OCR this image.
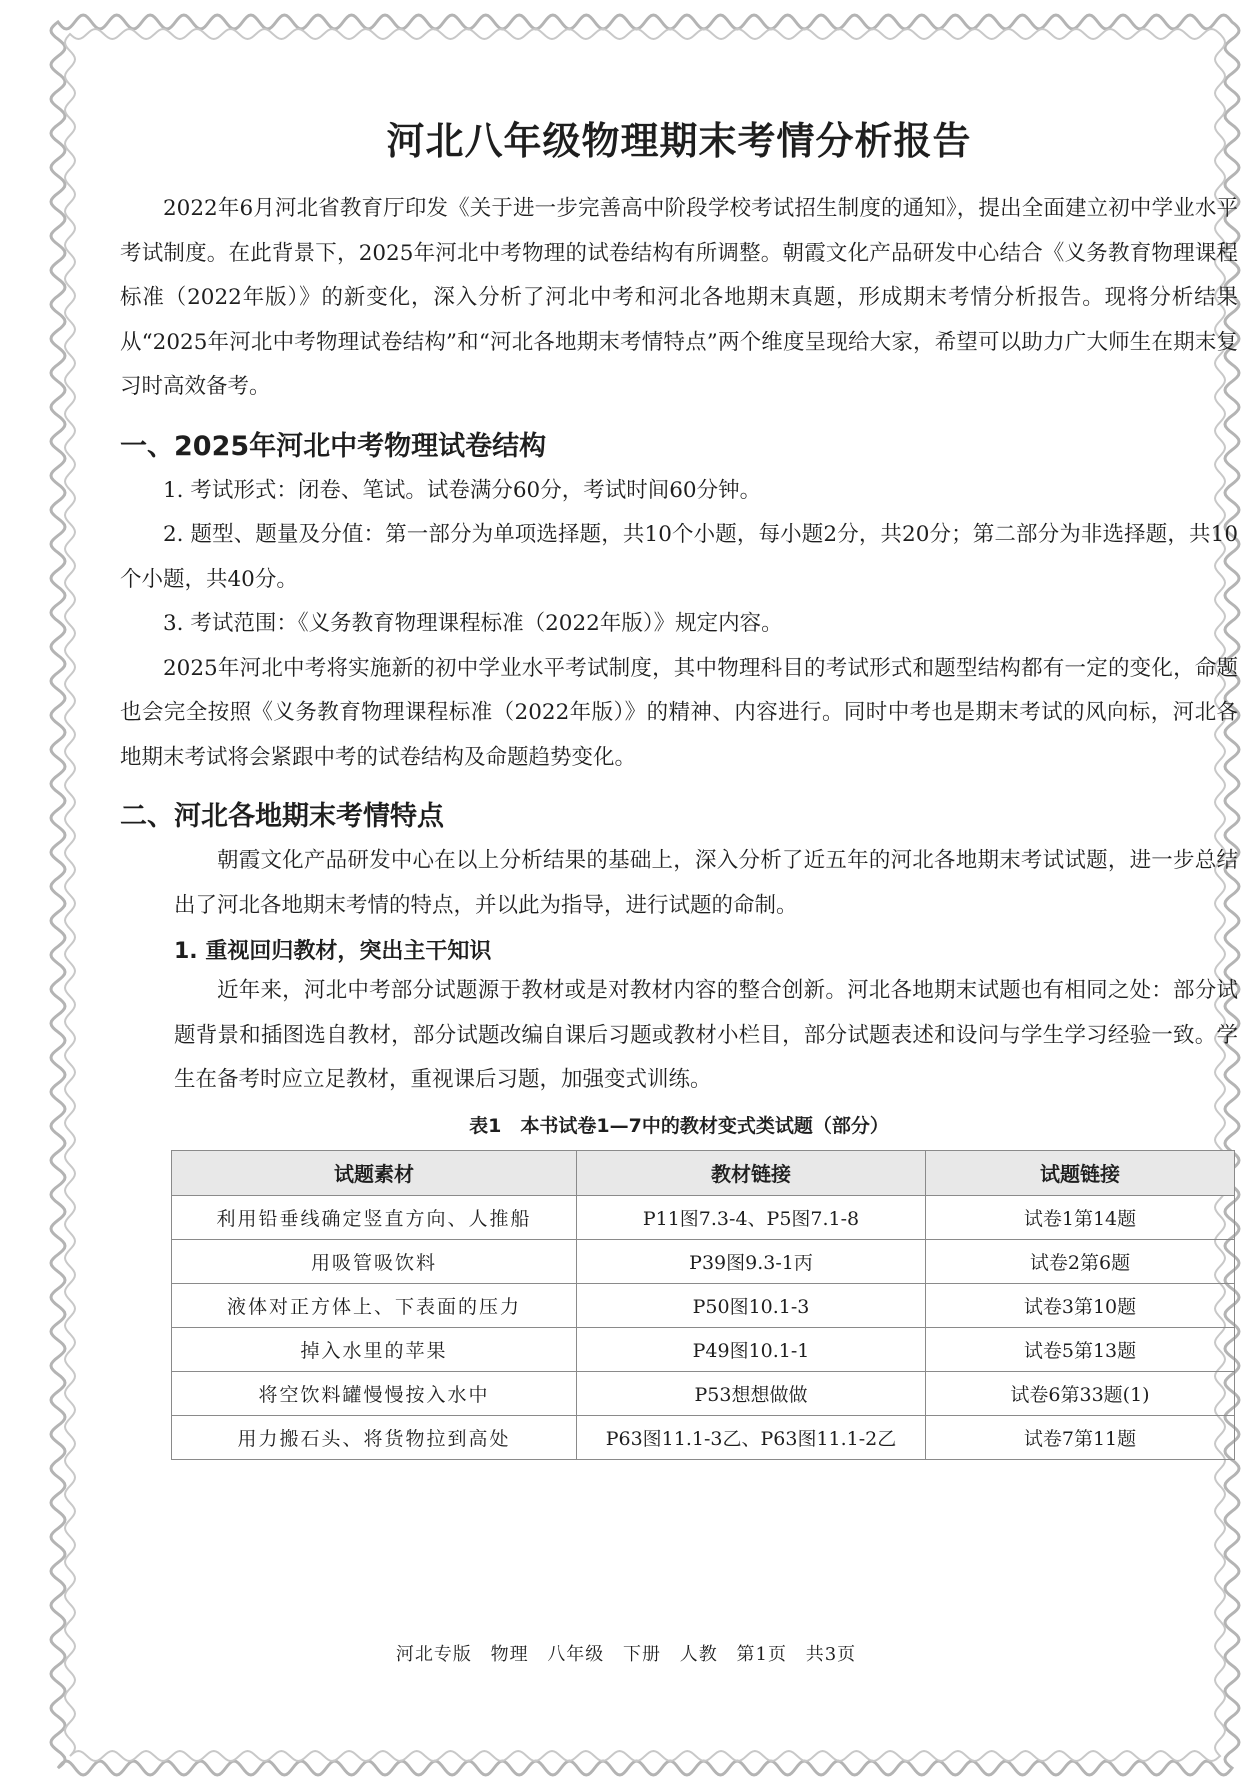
河北八年级物理期末考情分析报告

2022年6月河北省教育厅印发《关于进一步完善高中阶段学校考试招生制度的通知》，提出全面建立初中学业水平考试制度。在此背景下，2025年河北中考物理的试卷结构有所调整。朝霞文化产品研发中心结合《义务教育物理课程标准（2022年版）》的新变化，深入分析了河北中考和河北各地期末真题，形成期末考情分析报告。现将分析结果从“2025年河北中考物理试卷结构”和“河北各地期末考情特点”两个维度呈现给大家，希望可以助力广大师生在期末复习时高效备考。

一、2025年河北中考物理试卷结构

1. 考试形式：闭卷、笔试。试卷满分60分，考试时间60分钟。

2. 题型、题量及分值：第一部分为单项选择题，共10个小题，每小题2分，共20分；第二部分为非选择题，共10个小题，共40分。

3. 考试范围：《义务教育物理课程标准（2022年版）》规定内容。

2025年河北中考将实施新的初中学业水平考试制度，其中物理科目的考试形式和题型结构都有一定的变化，命题也会完全按照《义务教育物理课程标准（2022年版）》的精神、内容进行。同时中考也是期末考试的风向标，河北各地期末考试将会紧跟中考的试卷结构及命题趋势变化。

二、河北各地期末考情特点

朝霞文化产品研发中心在以上分析结果的基础上，深入分析了近五年的河北各地期末考试试题，进一步总结出了河北各地期末考情的特点，并以此为指导，进行试题的命制。

1. 重视回归教材，突出主干知识

近年来，河北中考部分试题源于教材或是对教材内容的整合创新。河北各地期末试题也有相同之处：部分试题背景和插图选自教材，部分试题改编自课后习题或教材小栏目，部分试题表述和设问与学生学习经验一致。学生在备考时应立足教材，重视课后习题，加强变式训练。

表1　本书试卷1—7中的教材变式类试题（部分）
试题素材	教材链接	试题链接
利用铅垂线确定竖直方向、人推船	P11图7.3-4、P5图7.1-8	试卷1第14题
用吸管吸饮料	P39图9.3-1丙	试卷2第6题
液体对正方体上、下表面的压力	P50图10.1-3	试卷3第10题
掉入水里的苹果	P49图10.1-1	试卷5第13题
将空饮料罐慢慢按入水中	P53想想做做	试卷6第33题(1)
用力搬石头、将货物拉到高处	P63图11.1-3乙、P63图11.1-2乙	试卷7第11题
河北专版 物理 八年级 下册 人教 第1页 共3页
